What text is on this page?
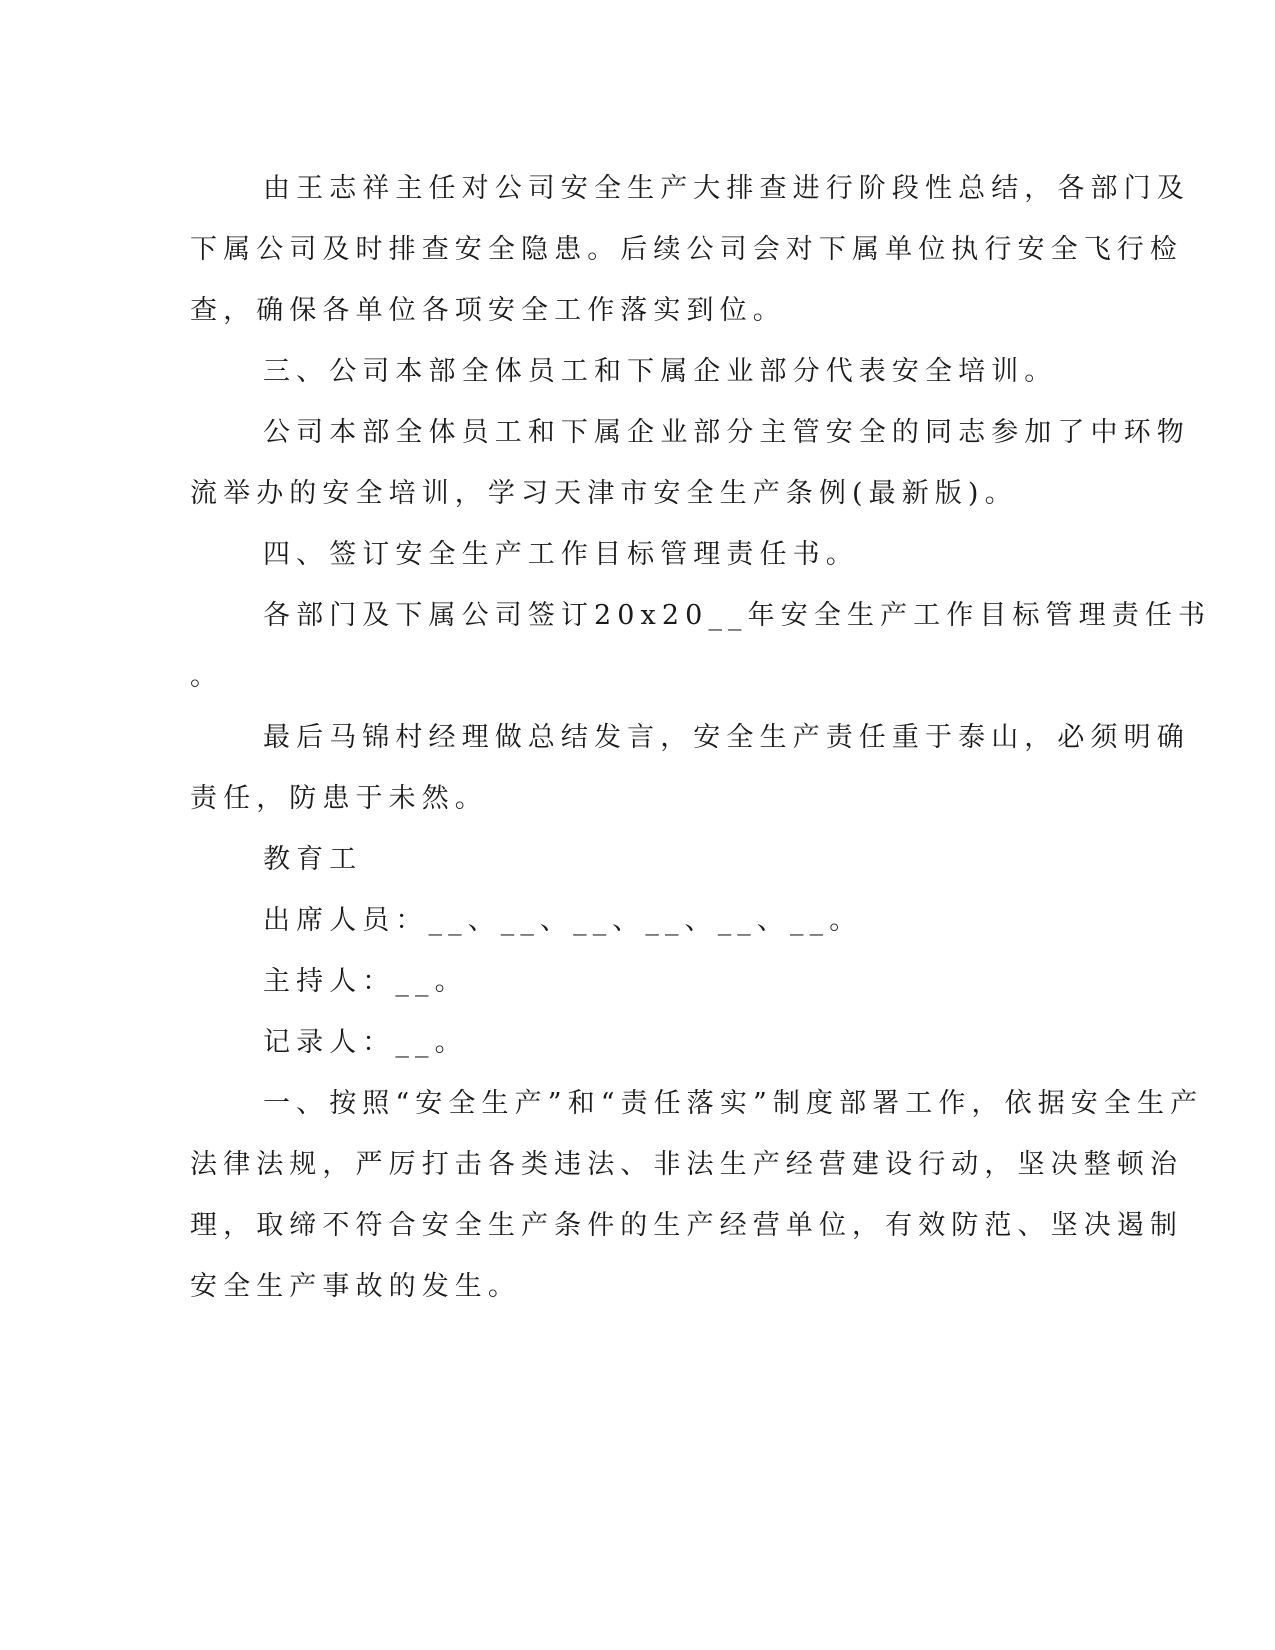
由王志祥主任对公司安全生产大排查进行阶段性总结，各部门及
下属公司及时排查安全隐患。后续公司会对下属单位执行安全飞行检
查，确保各单位各项安全工作落实到位。
三、公司本部全体员工和下属企业部分代表安全培训。
公司本部全体员工和下属企业部分主管安全的同志参加了中环物
流举办的安全培训，学习天津市安全生产条例(最新版)。
四、签订安全生产工作目标管理责任书。
各部门及下属公司签订20x20__年安全生产工作目标管理责任书
。
最后马锦村经理做总结发言，安全生产责任重于泰山，必须明确
责任，防患于未然。
教育工
出席人员：__、__、__、__、__、__。
主持人：__。
记录人：__。
一、按照“安全生产”和“责任落实”制度部署工作，依据安全生产
法律法规，严厉打击各类违法、非法生产经营建设行动，坚决整顿治
理，取缔不符合安全生产条件的生产经营单位，有效防范、坚决遏制
安全生产事故的发生。
